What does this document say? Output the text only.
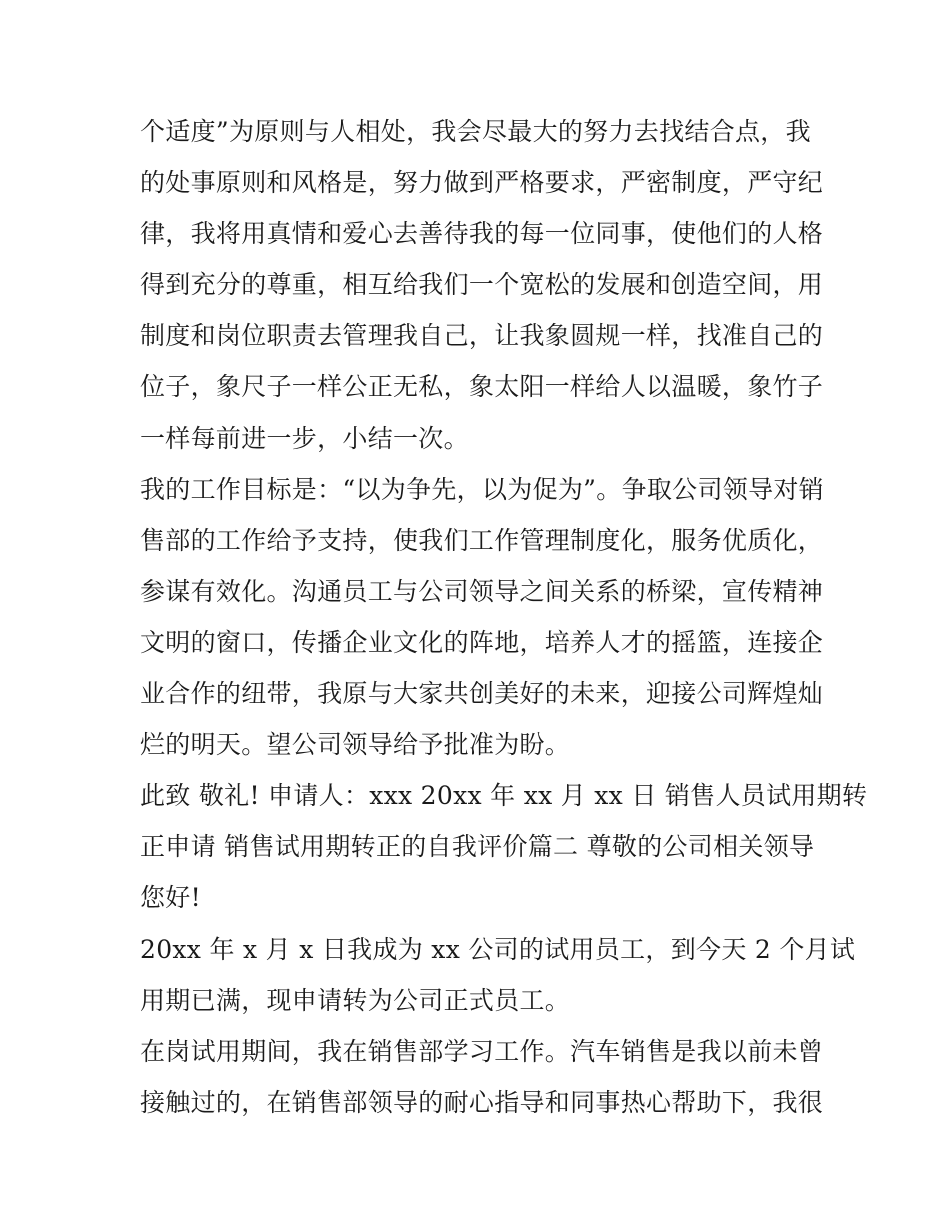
个适度”为原则与人相处，我会尽最大的努力去找结合点，我
的处事原则和风格是，努力做到严格要求，严密制度，严守纪
律，我将用真情和爱心去善待我的每一位同事，使他们的人格
得到充分的尊重，相互给我们一个宽松的发展和创造空间，用
制度和岗位职责去管理我自己，让我象圆规一样，找准自己的
位子，象尺子一样公正无私，象太阳一样给人以温暖，象竹子
一样每前进一步，小结一次。
我的工作目标是：“以为争先，以为促为”。争取公司领导对销
售部的工作给予支持，使我们工作管理制度化，服务优质化，
参谋有效化。沟通员工与公司领导之间关系的桥梁，宣传精神
文明的窗口，传播企业文化的阵地，培养人才的摇篮，连接企
业合作的纽带，我原与大家共创美好的未来，迎接公司辉煌灿
烂的明天。望公司领导给予批准为盼。
此致 敬礼! 申请人：xxx 20xx 年 xx 月 xx 日 销售人员试用期转
正申请 销售试用期转正的自我评价篇二 尊敬的公司相关领导
您好!
20xx 年 x 月 x 日我成为 xx 公司的试用员工，到今天 2 个月试
用期已满，现申请转为公司正式员工。
在岗试用期间，我在销售部学习工作。汽车销售是我以前未曾
接触过的，在销售部领导的耐心指导和同事热心帮助下，我很
